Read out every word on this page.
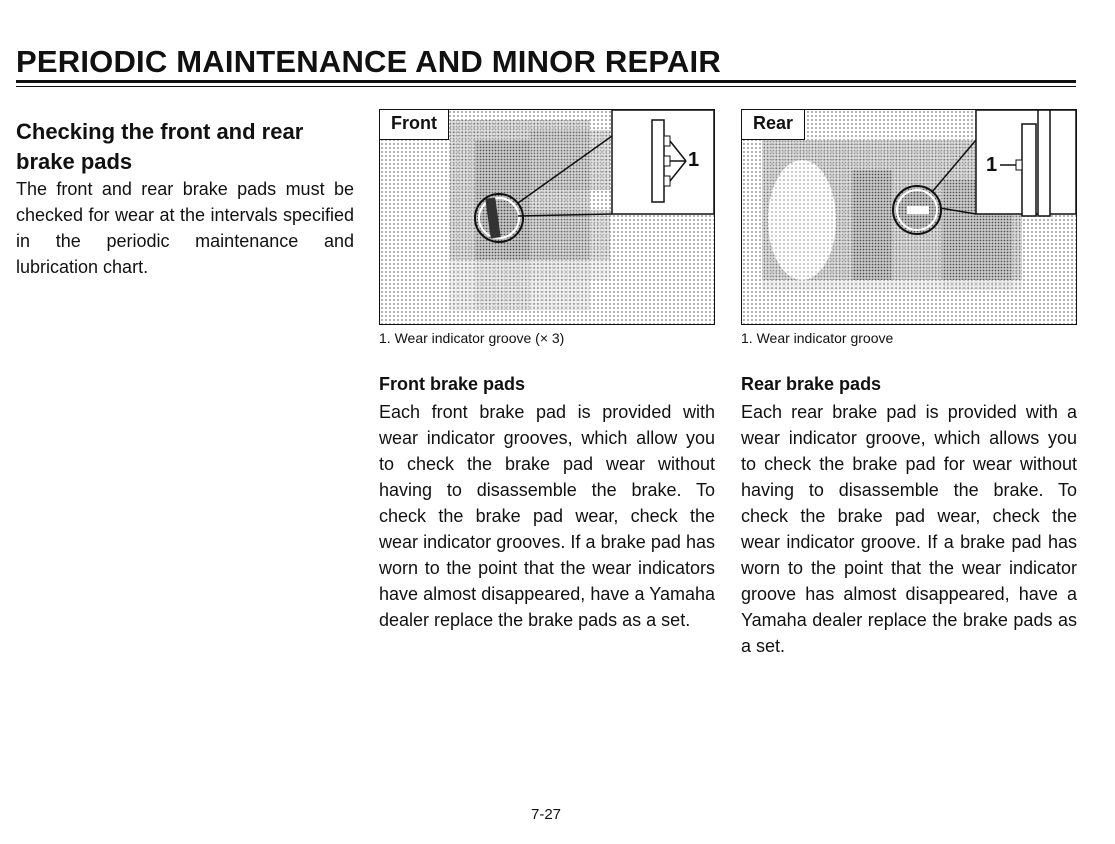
PERIODIC MAINTENANCE AND MINOR REPAIR
Checking the front and rear
brake pads
The front and rear brake pads must be checked for wear at the intervals specified in the periodic maintenance and lubrication chart.
Front
1
Rear
1
1. Wear indicator groove (× 3)	1. Wear indicator groove
Front brake pads
Each front brake pad is provided with wear indicator grooves, which allow you to check the brake pad wear without having to disassemble the brake. To check the brake pad wear, check the wear indicator grooves. If a brake pad has worn to the point that the wear indicators have almost disappeared, have a Yamaha dealer replace the brake pads as a set.
Rear brake pads
Each rear brake pad is provided with a wear indicator groove, which allows you to check the brake pad for wear without having to disassemble the brake. To check the brake pad wear, check the wear indicator groove. If a brake pad has worn to the point that the wear indicator groove has almost disappeared, have a Yamaha dealer replace the brake pads as a set.
7-27
